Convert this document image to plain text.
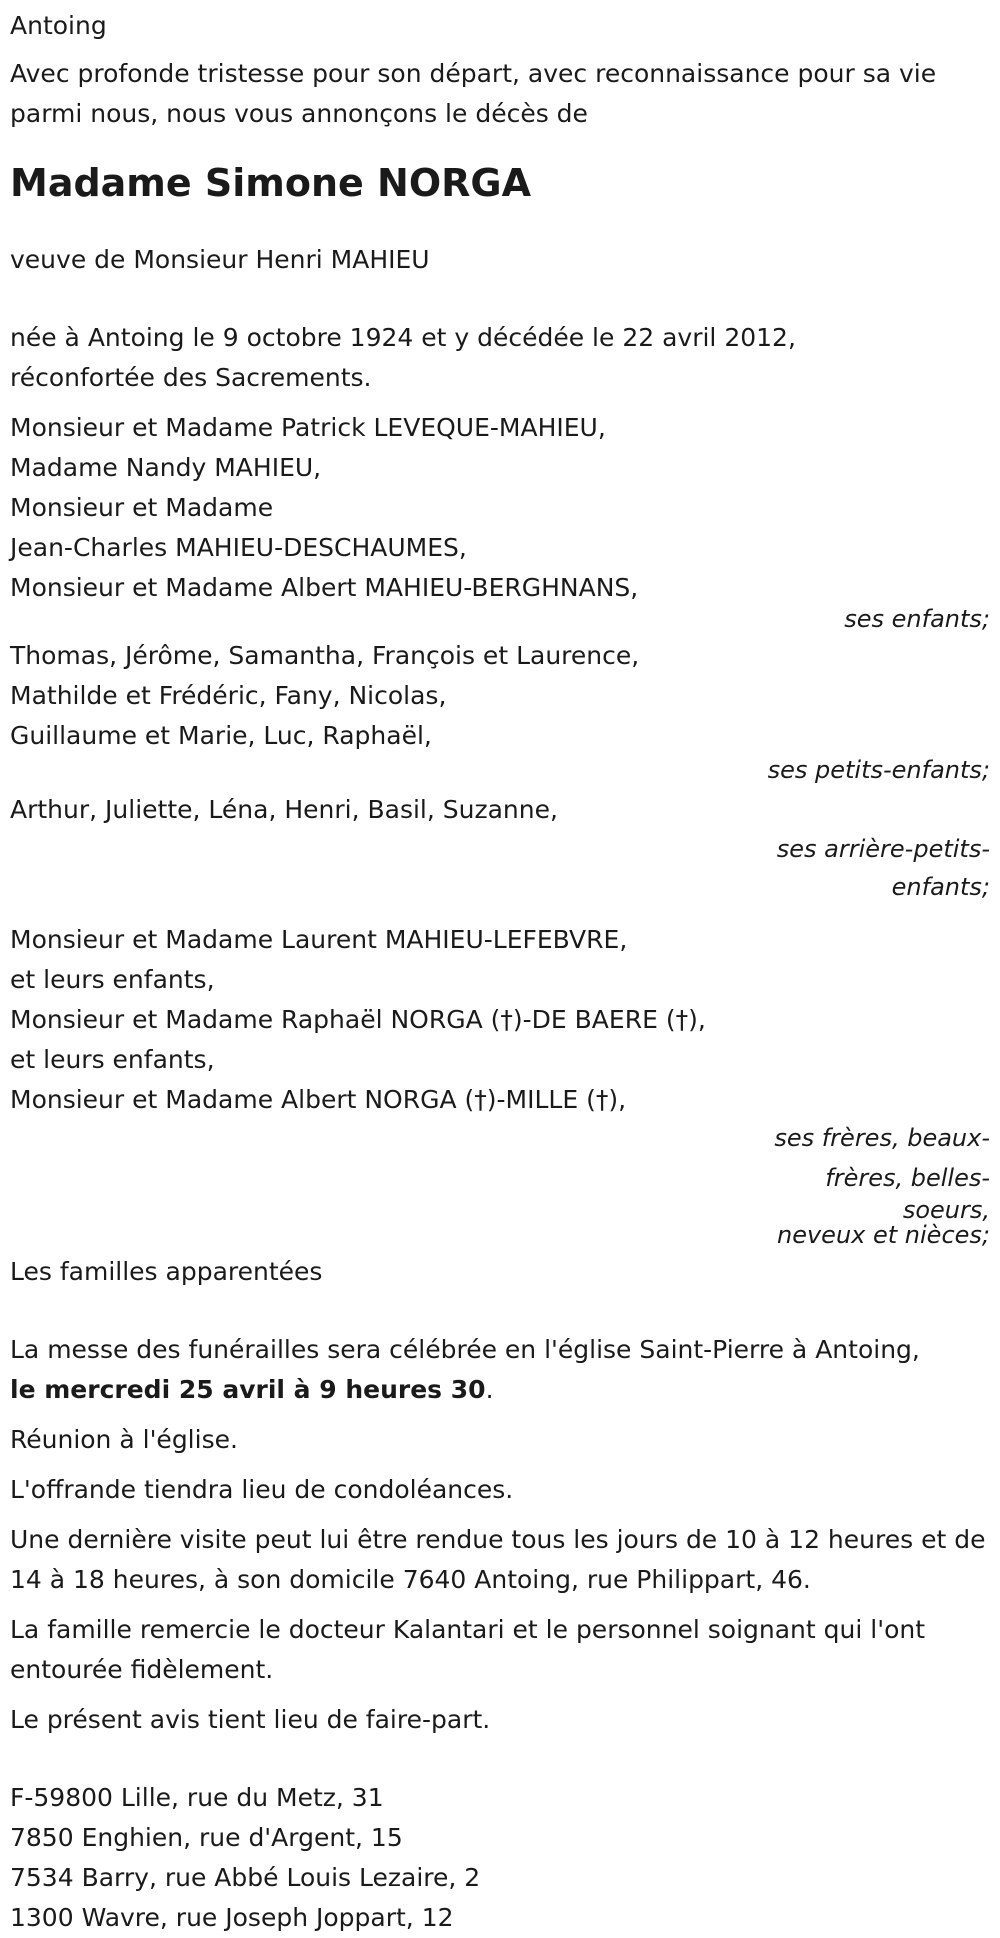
Antoing

Avec profonde tristesse pour son départ, avec reconnaissance pour sa vie parmi nous, nous vous annonçons le décès de

Madame Simone NORGA

veuve de Monsieur Henri MAHIEU

née à Antoing le 9 octobre 1924 et y décédée le 22 avril 2012,
réconfortée des Sacrements.
Monsieur et Madame Patrick LEVEQUE-MAHIEU,
Madame Nandy MAHIEU,
Monsieur et Madame
Jean-Charles MAHIEU-DESCHAUMES,
Monsieur et Madame Albert MAHIEU-BERGHNANS,
ses enfants;
Thomas, Jérôme, Samantha, François et Laurence,
Mathilde et Frédéric, Fany, Nicolas,
Guillaume et Marie, Luc, Raphaël,
ses petits-enfants;
Arthur, Juliette, Léna, Henri, Basil, Suzanne,
ses arrière-petits-
enfants;
Monsieur et Madame Laurent MAHIEU-LEFEBVRE,
et leurs enfants,
Monsieur et Madame Raphaël NORGA (†)-DE BAERE (†),
et leurs enfants,
Monsieur et Madame Albert NORGA (†)-MILLE (†),
ses frères, beaux-
frères, belles-
soeurs,
neveux et nièces;

Les familles apparentées

La messe des funérailles sera célébrée en l'église Saint-Pierre à Antoing,
le mercredi 25 avril à 9 heures 30.

Réunion à l'église.

L'offrande tiendra lieu de condoléances.

Une dernière visite peut lui être rendue tous les jours de 10 à 12 heures et de 14 à 18 heures, à son domicile 7640 Antoing, rue Philippart, 46.

La famille remercie le docteur Kalantari et le personnel soignant qui l'ont entourée fidèlement.

Le présent avis tient lieu de faire-part.

F-59800 Lille, rue du Metz, 31
7850 Enghien, rue d'Argent, 15
7534 Barry, rue Abbé Louis Lezaire, 2
1300 Wavre, rue Joseph Joppart, 12
